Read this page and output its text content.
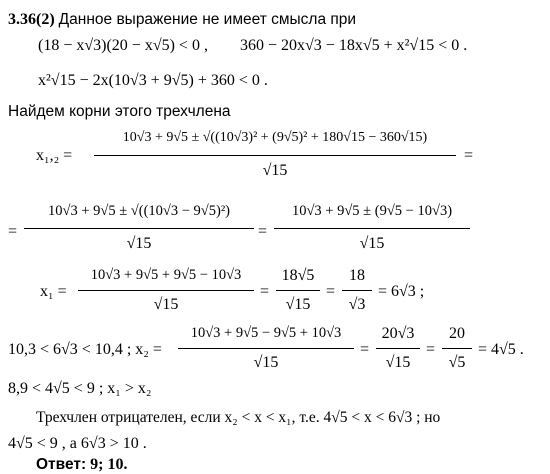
3.36(2) Данное выражение не имеет смысла при
(18 − x√3)(20 − x√5) < 0 , 360 − 20x√3 − 18x√5 + x²√15 < 0 .
x²√15 − 2x(10√3 + 9√5) + 360 < 0 .
Найдем корни этого трехчлена
x₁,₂ =
10√3 + 9√5 ± √((10√3)² + (9√5)² + 180√15 − 360√15)
√15
=
=
10√3 + 9√5 ± √((10√3 − 9√5)²)
√15
=
10√3 + 9√5 ± (9√5 − 10√3)
√15
x₁ =
10√3 + 9√5 + 9√5 − 10√3
√15
=
18√5
√15
=
18
√3
= 6√3 ;
10,3 < 6√3 < 10,4 ; x₂ =
10√3 + 9√5 − 9√5 + 10√3
√15
=
20√3
√15
=
20
√5
= 4√5 .
8,9 < 4√5 < 9 ; x₁ > x₂
Трехчлен отрицателен, если x₂ < x < x₁, т.е. 4√5 < x < 6√3 ; но
4√5 < 9 , а 6√3 > 10 .
Ответ: 9; 10.
